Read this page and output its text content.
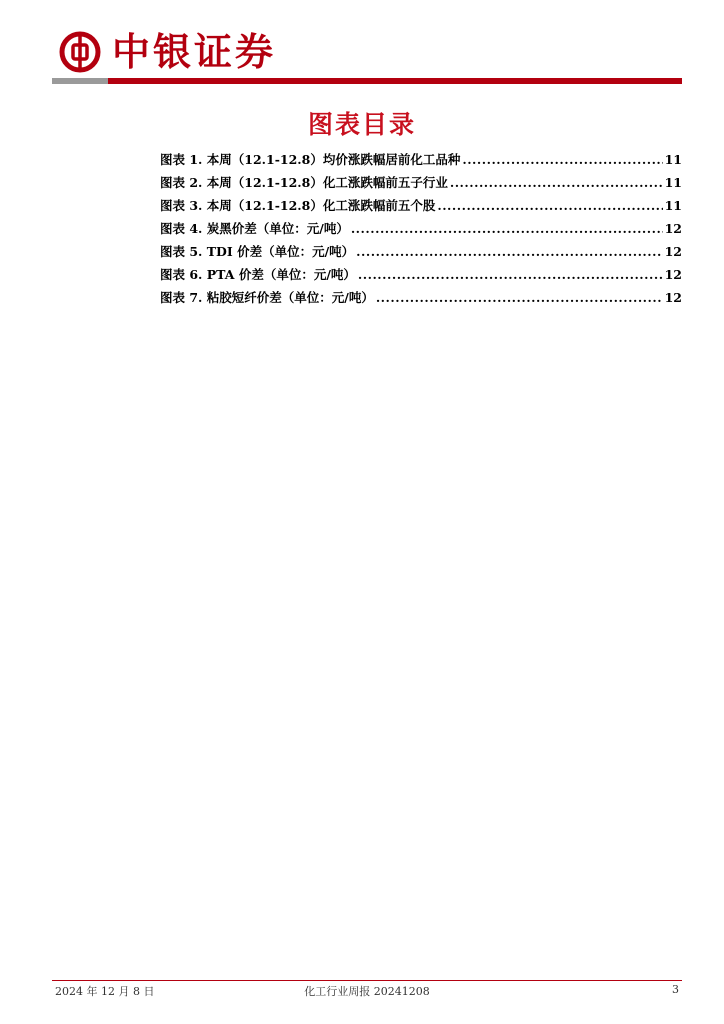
中银证券
图表目录
图表 1. 本周（12.1-12.8）均价涨跌幅居前化工品种 .....	11
图表 2. 本周（12.1-12.8）化工涨跌幅前五子行业 .....	11
图表 3. 本周（12.1-12.8）化工涨跌幅前五个股 .....	11
图表 4. 炭黑价差（单位：元/吨） .....	12
图表 5. TDI 价差（单位：元/吨） .....	12
图表 6. PTA 价差（单位：元/吨） .....	12
图表 7. 粘胶短纤价差（单位：元/吨） .....	12
2024 年 12 月 8 日	化工行业周报 20241208	3
